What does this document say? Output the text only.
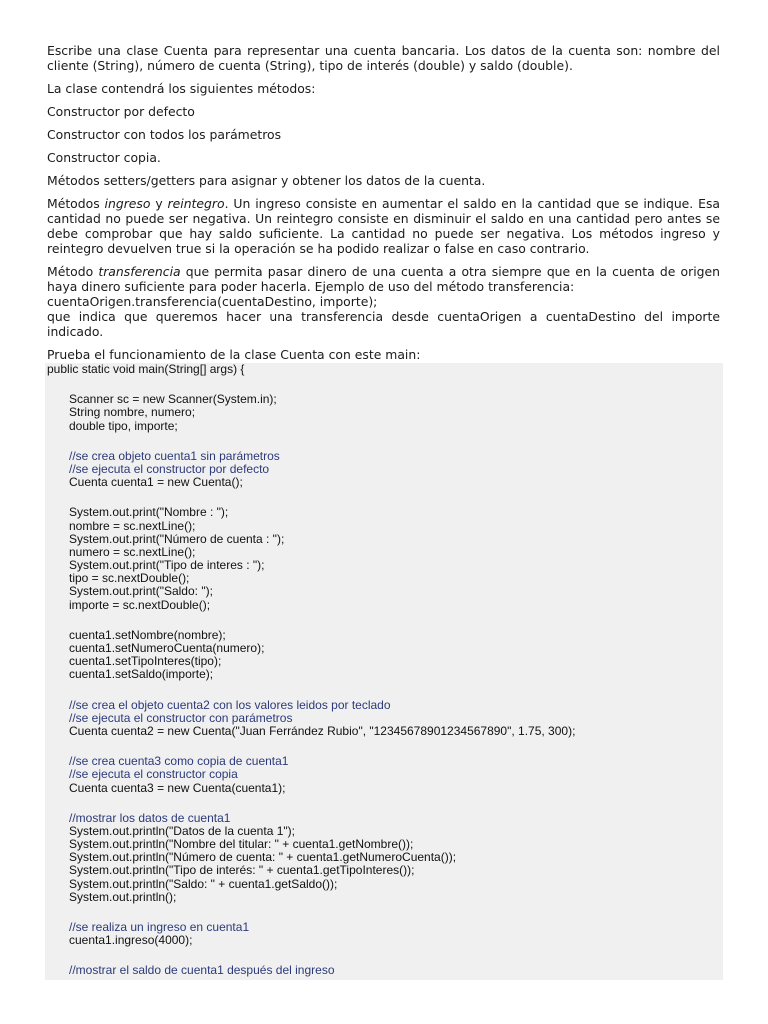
Escribe una clase Cuenta para representar una cuenta bancaria. Los datos de la cuenta son: nombre del cliente (String), número de cuenta (String), tipo de interés (double) y saldo (double).

La clase contendrá los siguientes métodos:

Constructor por defecto

Constructor con todos los parámetros

Constructor copia.

Métodos setters/getters para asignar y obtener los datos de la cuenta.

Métodos ingreso y reintegro. Un ingreso consiste en aumentar el saldo en la cantidad que se indique. Esa cantidad no puede ser negativa. Un reintegro consiste en disminuir el saldo en una cantidad pero antes se debe comprobar que hay saldo suficiente. La cantidad no puede ser negativa. Los métodos ingreso y reintegro devuelven true si la operación se ha podido realizar o false en caso contrario.

Método transferencia que permita pasar dinero de una cuenta a otra siempre que en la cuenta de origen haya dinero suficiente para poder hacerla. Ejemplo de uso del método transferencia:
cuentaOrigen.transferencia(cuentaDestino, importe);

que indica que queremos hacer una transferencia desde cuentaOrigen a cuentaDestino del importe indicado.

Prueba el funcionamiento de la clase Cuenta con este main:

public static void main(String[] args) {
Scanner sc = new Scanner(System.in);
String nombre, numero;
double tipo, importe;
//se crea objeto cuenta1 sin parámetros
//se ejecuta el constructor por defecto
Cuenta cuenta1 = new Cuenta();
System.out.print("Nombre : ");
nombre = sc.nextLine();
System.out.print("Número de cuenta : ");
numero = sc.nextLine();
System.out.print("Tipo de interes : ");
tipo = sc.nextDouble();
System.out.print("Saldo: ");
importe = sc.nextDouble();
cuenta1.setNombre(nombre);
cuenta1.setNumeroCuenta(numero);
cuenta1.setTipoInteres(tipo);
cuenta1.setSaldo(importe);
//se crea el objeto cuenta2 con los valores leidos por teclado
//se ejecuta el constructor con parámetros
Cuenta cuenta2 = new Cuenta("Juan Ferrández Rubio", "12345678901234567890", 1.75, 300);
//se crea cuenta3 como copia de cuenta1
//se ejecuta el constructor copia
Cuenta cuenta3 = new Cuenta(cuenta1);
//mostrar los datos de cuenta1
System.out.println("Datos de la cuenta 1");
System.out.println("Nombre del titular: " + cuenta1.getNombre());
System.out.println("Número de cuenta: " + cuenta1.getNumeroCuenta());
System.out.println("Tipo de interés: " + cuenta1.getTipoInteres());
System.out.println("Saldo: " + cuenta1.getSaldo());
System.out.println();
//se realiza un ingreso en cuenta1
cuenta1.ingreso(4000);
//mostrar el saldo de cuenta1 después del ingreso
